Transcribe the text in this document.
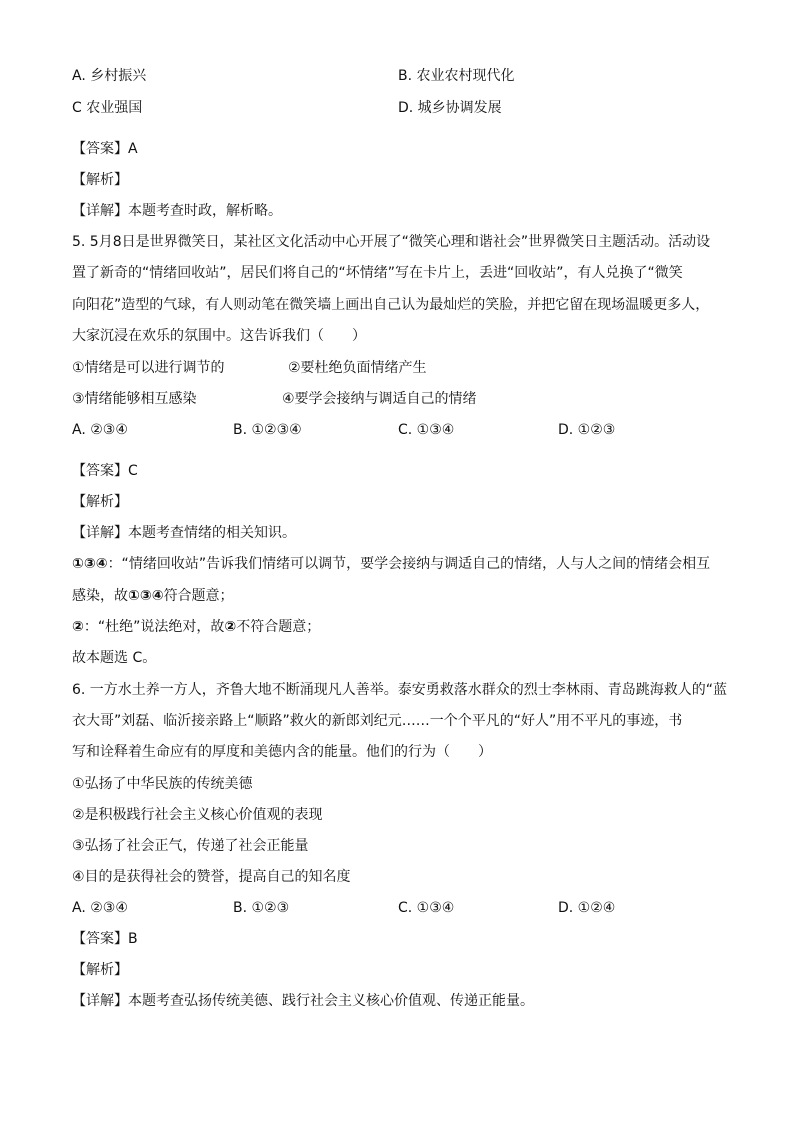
A. 乡村振兴	B. 农业农村现代化
C 农业强国	D. 城乡协调发展
【答案】A
【解析】
【详解】本题考查时政，解析略。
5. 5月8日是世界微笑日，某社区文化活动中心开展了“微笑心理和谐社会”世界微笑日主题活动。活动设
置了新奇的“情绪回收站”，居民们将自己的“坏情绪”写在卡片上，丢进“回收站”，有人兑换了“微笑
向阳花”造型的气球，有人则动笔在微笑墙上画出自己认为最灿烂的笑脸，并把它留在现场温暖更多人，
大家沉浸在欢乐的氛围中。这告诉我们（　　）
①情绪是可以进行调节的	②要杜绝负面情绪产生
③情绪能够相互感染	④要学会接纳与调适自己的情绪
A. ②③④	B. ①②③④	C. ①③④	D. ①②③
【答案】C
【解析】
【详解】本题考查情绪的相关知识。
①③④：“情绪回收站”告诉我们情绪可以调节，要学会接纳与调适自己的情绪，人与人之间的情绪会相互
感染，故①③④符合题意；
②：“杜绝”说法绝对，故②不符合题意；
故本题选 C。
6. 一方水土养一方人，齐鲁大地不断涌现凡人善举。泰安勇救落水群众的烈士李林雨、青岛跳海救人的“蓝
衣大哥”刘磊、临沂接亲路上“顺路”救火的新郎刘纪元……一个个平凡的“好人”用不平凡的事迹，书
写和诠释着生命应有的厚度和美德内含的能量。他们的行为（　　）
①弘扬了中华民族的传统美德
②是积极践行社会主义核心价值观的表现
③弘扬了社会正气，传递了社会正能量
④目的是获得社会的赞誉，提高自己的知名度
A. ②③④	B. ①②③	C. ①③④	D. ①②④
【答案】B
【解析】
【详解】本题考查弘扬传统美德、践行社会主义核心价值观、传递正能量。
